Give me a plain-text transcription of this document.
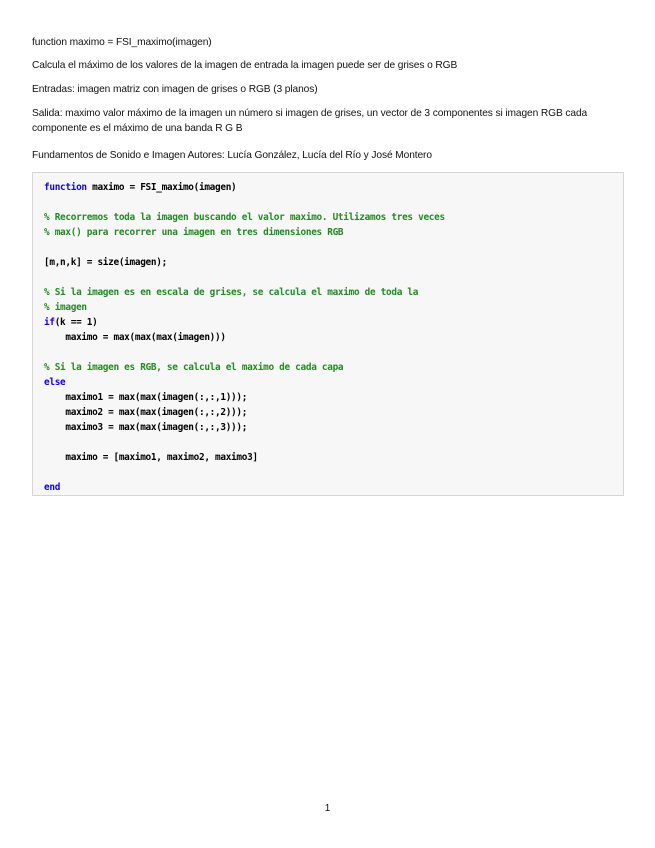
function maximo = FSI_maximo(imagen)
Calcula el máximo de los valores de la imagen de entrada la imagen puede ser de grises o RGB
Entradas: imagen matriz con imagen de grises o RGB (3 planos)
Salida: maximo valor máximo de la imagen un número si imagen de grises, un vector de 3 componentes si imagen RGB cada componente es el máximo de una banda R G B
Fundamentos de Sonido e Imagen Autores: Lucía González, Lucía del Río y José Montero
function maximo = FSI_maximo(imagen)

% Recorremos toda la imagen buscando el valor maximo. Utilizamos tres veces
% max() para recorrer una imagen en tres dimensiones RGB

[m,n,k] = size(imagen);

% Si la imagen es en escala de grises, se calcula el maximo de toda la
% imagen
if(k == 1)
maximo = max(max(max(imagen)))

% Si la imagen es RGB, se calcula el maximo de cada capa
else
maximo1 = max(max(imagen(:,:,1)));
maximo2 = max(max(imagen(:,:,2)));
maximo3 = max(max(imagen(:,:,3)));

maximo = [maximo1, maximo2, maximo3]

end
1
